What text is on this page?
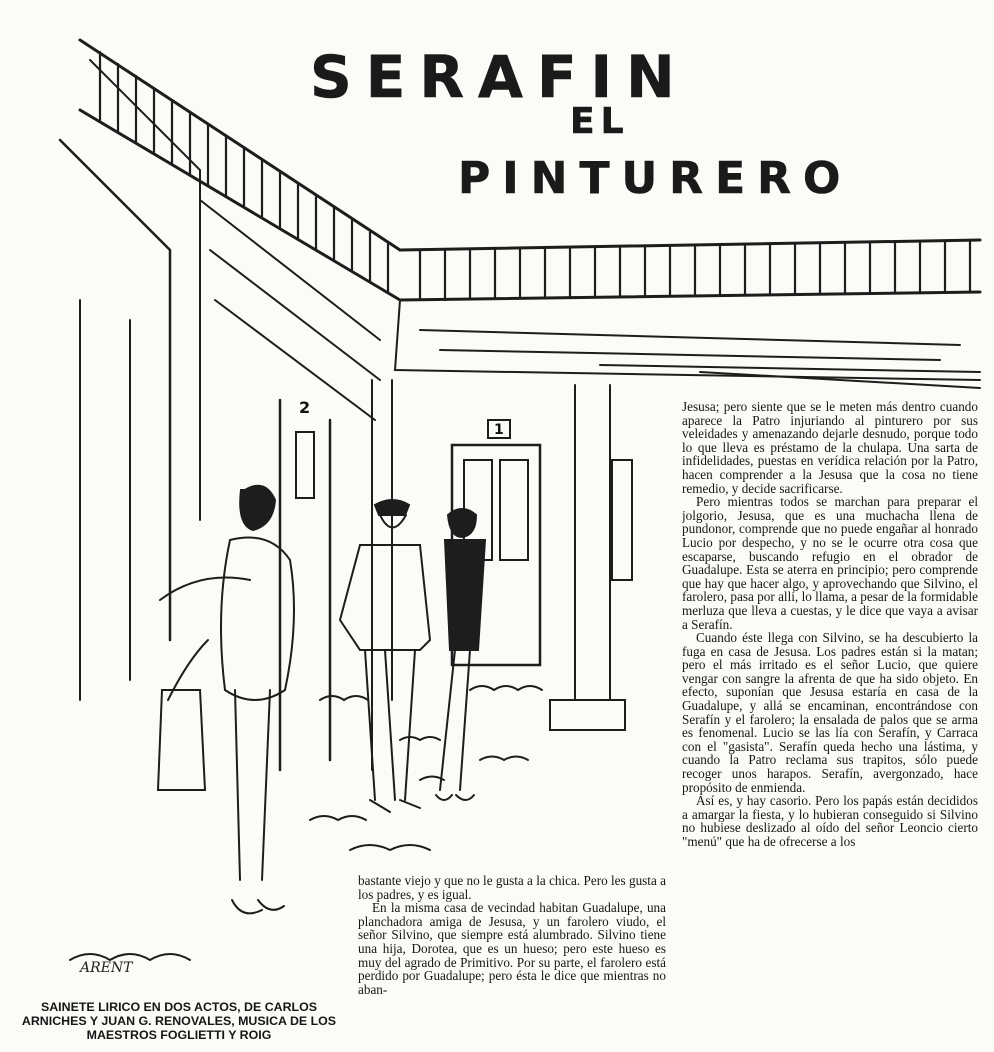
2
1
SERAFIN
EL
PINTURERO
ARENT
SAINETE LIRICO EN DOS ACTOS, DE CARLOS ARNICHES Y JUAN G. RENOVALES, MUSICA DE LOS MAESTROS FOGLIETTI Y ROIG

bastante viejo y que no le gusta a la chica. Pero les gusta a los padres, y es igual.

En la misma casa de vecindad habitan Guadalupe, una planchadora amiga de Jesusa, y un farolero viudo, el señor Silvino, que siempre está alumbrado. Silvino tiene una hija, Dorotea, que es un hueso; pero este hueso es muy del agrado de Primitivo. Por su parte, el farolero está perdido por Guadalupe; pero ésta le dice que mientras no aban-

Jesusa; pero siente que se le meten más dentro cuando aparece la Patro injuriando al pinturero por sus veleidades y amenazando dejarle desnudo, porque todo lo que lleva es préstamo de la chulapa. Una sarta de infidelidades, puestas en verídica relación por la Patro, hacen comprender a la Jesusa que la cosa no tiene remedio, y decide sacrificarse.

Pero mientras todos se marchan para preparar el jolgorio, Jesusa, que es una muchacha llena de pundonor, comprende que no puede engañar al honrado Lucio por despecho, y no se le ocurre otra cosa que escaparse, buscando refugio en el obrador de Guadalupe. Esta se aterra en principio; pero comprende que hay que hacer algo, y aprovechando que Silvino, el farolero, pasa por allí, lo llama, a pesar de la formidable merluza que lleva a cuestas, y le dice que vaya a avisar a Serafín.

Cuando éste llega con Silvino, se ha descubierto la fuga en casa de Jesusa. Los padres están si la matan; pero el más irritado es el señor Lucio, que quiere vengar con sangre la afrenta de que ha sido objeto. En efecto, suponían que Jesusa estaría en casa de la Guadalupe, y allá se encaminan, encontrándose con Serafín y el farolero; la ensalada de palos que se arma es fenomenal. Lucio se las lía con Serafín, y Carraca con el "gasista". Serafín queda hecho una lástima, y cuando la Patro reclama sus trapitos, sólo puede recoger unos harapos. Serafín, avergonzado, hace propósito de enmienda.

Así es, y hay casorio. Pero los papás están decididos a amargar la fiesta, y lo hubieran conseguido si Silvino no hubiese deslizado al oído del señor Leoncio cierto "menú" que ha de ofrecerse a los
